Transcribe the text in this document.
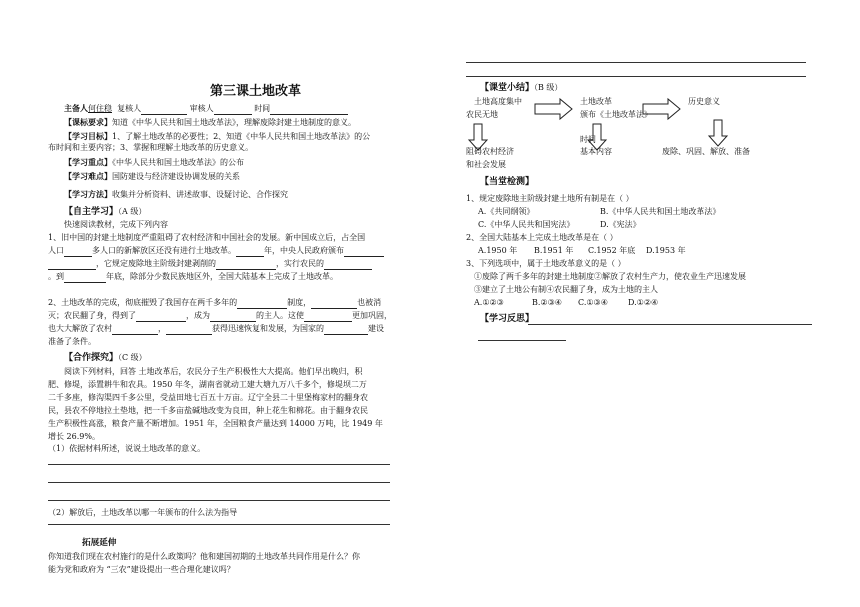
第三课土地改革
主备人何住稳 复核人	审核人	时间
【课标要求】知道《中华人民共和国土地改革法》，理解废除封建土地制度的意义。
【学习目标】1、了解土地改革的必要性；2、知道《中华人民共和国土地改革法》的公
布时间和主要内容；3、掌握和理解土地改革的历史意义。
【学习重点】《中华人民共和国土地改革法》的公布
【学习难点】国防建设与经济建设协调发展的关系
【学习方法】收集并分析资料、讲述故事、设疑讨论、合作探究
【自主学习】（A 级）
快速阅读教材，完成下列内容
1、旧中国的封建土地制度严重阻碍了农村经济和中国社会的发展。新中国成立后，占全国
人口	多人口的新解放区还没有进行土地改革。	年，中央人民政府颁布
，它规定废除地主阶级封建剥削的	，实行农民的
。到	年底，除部分少数民族地区外，全国大陆基本上完成了土地改革。
2、土地改革的完成，彻底摧毁了我国存在两千多年的	制度，	也被消
灭；农民翻了身，得到了	，成为	的主人。这使	更加巩固，
也大大解放了农村	，	获得迅速恢复和发展，为国家的	建设
准备了条件。
【合作探究】（C 级）
阅读下列材料，回答 土地改革后，农民分子生产积极性大大提高。他们早出晚归，积
肥、修堤，添置耕牛和农具。1950 年冬，湖南省就动工建大塘九万八千多个，修堤坝二万
二千多座，修沟渠四千多公里，受益田地七百五十万亩。辽宁全县二十里堡梅家村的翻身农
民，县农不停地拉土垫地，把一千多亩盐碱地改变为良田，种上花生和棉花。由于翻身农民
生产积极性高涨，粮食产量不断增加。1951 年，全国粮食产量达到 14000 万吨，比 1949 年
增长 26.9%。
（1）依据材料所述，说说土地改革的意义。
（2）解放后，土地改革以哪一年颁布的什么法为指导
拓展延伸
你知道我们现在农村施行的是什么政策吗？他和建国初期的土地改革共同作用是什么？你
能为党和政府为 “三农”建设提出一些合理化建议吗？
【课堂小结】（B 级）
土地高度集中
农民无地
土地改革
颁布《土地改革法》
历史意义
时间
阻碍农村经济
和社会发展
基本内容	废除、巩固、解放、准备
【当堂检测】
1、规定废除地主阶级封建土地所有制是在（ ）
A.《共同纲领》	B.《中华人民共和国土地改革法》
C.《中华人民共和国宪法》	D.《宪法》
2、全国大陆基本上完成土地改革是在（ ）
A.1950 年 B.1951 年 C.1952 年底 D.1953 年
3、下列选项中，属于土地改革意义的是（ ）
①废除了两千多年的封建土地制度②解放了农村生产力，使农业生产迅速发展
③建立了土地公有制④农民翻了身，成为土地的主人
A.①②③	B.②③④ C.①③④	D.①②④
【学习反思】
